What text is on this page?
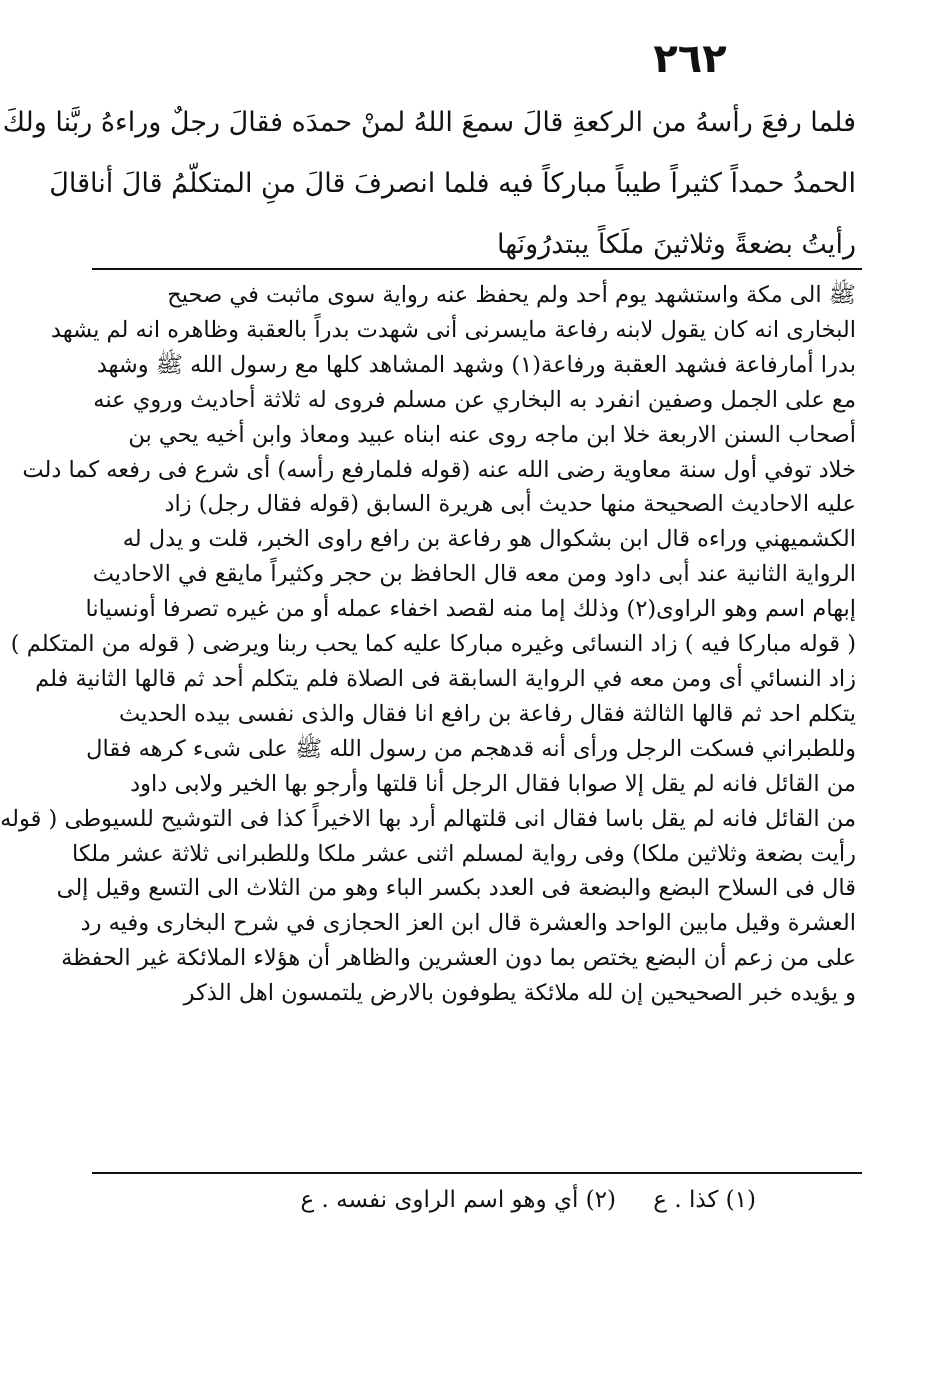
٢٦٢
فلما رفعَ رأسهُ من الركعةِ قالَ سمعَ اللهُ لمنْ حمدَه فقالَ رجلٌ وراءهُ ربَّنا ولكَ
الحمدُ حمداً كثيراً طيباً مباركاً فيه فلما انصرفَ قالَ منِ المتكلّمُ قالَ أناقالَ
رأيتُ بضعةً وثلاثينَ ملَكاً يبتدرُونَها
ﷺ الى مكة واستشهد يوم أحد ولم يحفظ عنه رواية سوى ماثبت في صحيح
البخارى انه كان يقول لابنه رفاعة مايسرنى أنى شهدت بدراً بالعقبة وظاهره انه لم يشهد
بدرا أمارفاعة فشهد العقبة ورفاعة(١) وشهد المشاهد كلها مع رسول الله ﷺ وشهد
مع على الجمل وصفين انفرد به البخاري عن مسلم فروى له ثلاثة أحاديث وروي عنه
أصحاب السنن الاربعة خلا ابن ماجه روى عنه ابناه عبيد ومعاذ وابن أخيه يحي بن
خلاد توفي أول سنة معاوية رضى الله عنه (قوله فلمارفع رأسه) أى شرع فى رفعه كما دلت
عليه الاحاديث الصحيحة منها حديث أبى هريرة السابق (قوله فقال رجل) زاد
الكشميهني وراءه قال ابن بشكوال هو رفاعة بن رافع راوى الخبر، قلت و يدل له
الرواية الثانية عند أبى داود ومن معه قال الحافظ بن حجر وكثيراً مايقع في الاحاديث
إبهام اسم وهو الراوى(٢) وذلك إما منه لقصد اخفاء عمله أو من غيره تصرفا أونسيانا
( قوله مباركا فيه ) زاد النسائى وغيره مباركا عليه كما يحب ربنا ويرضى ( قوله من المتكلم )
زاد النسائي أى ومن معه في الرواية السابقة فى الصلاة فلم يتكلم أحد ثم قالها الثانية فلم
يتكلم احد ثم قالها الثالثة فقال رفاعة بن رافع انا فقال والذى نفسى بيده الحديث
وللطبراني فسكت الرجل ورأى أنه قدهجم من رسول الله ﷺ على شىء كرهه فقال
من القائل فانه لم يقل إلا صوابا فقال الرجل أنا قلتها وأرجو بها الخير ولابى داود
من القائل فانه لم يقل باسا فقال انى قلتهالم أرد بها الاخيراً كذا فى التوشيح للسيوطى ( قوله
رأيت بضعة وثلاثين ملكا) وفى رواية لمسلم اثنى عشر ملكا وللطبرانى ثلاثة عشر ملكا
قال فى السلاح البضع والبضعة فى العدد بكسر الباء وهو من الثلاث الى التسع وقيل إلى
العشرة وقيل مابين الواحد والعشرة قال ابن العز الحجازى في شرح البخارى وفيه رد
على من زعم أن البضع يختص بما دون العشرين والظاهر أن هؤلاء الملائكة غير الحفظة
و يؤيده خبر الصحيحين إن لله ملائكة يطوفون بالارض يلتمسون اهل الذكر
(١) كذا . ع (٢) أي وهو اسم الراوى نفسه . ع
